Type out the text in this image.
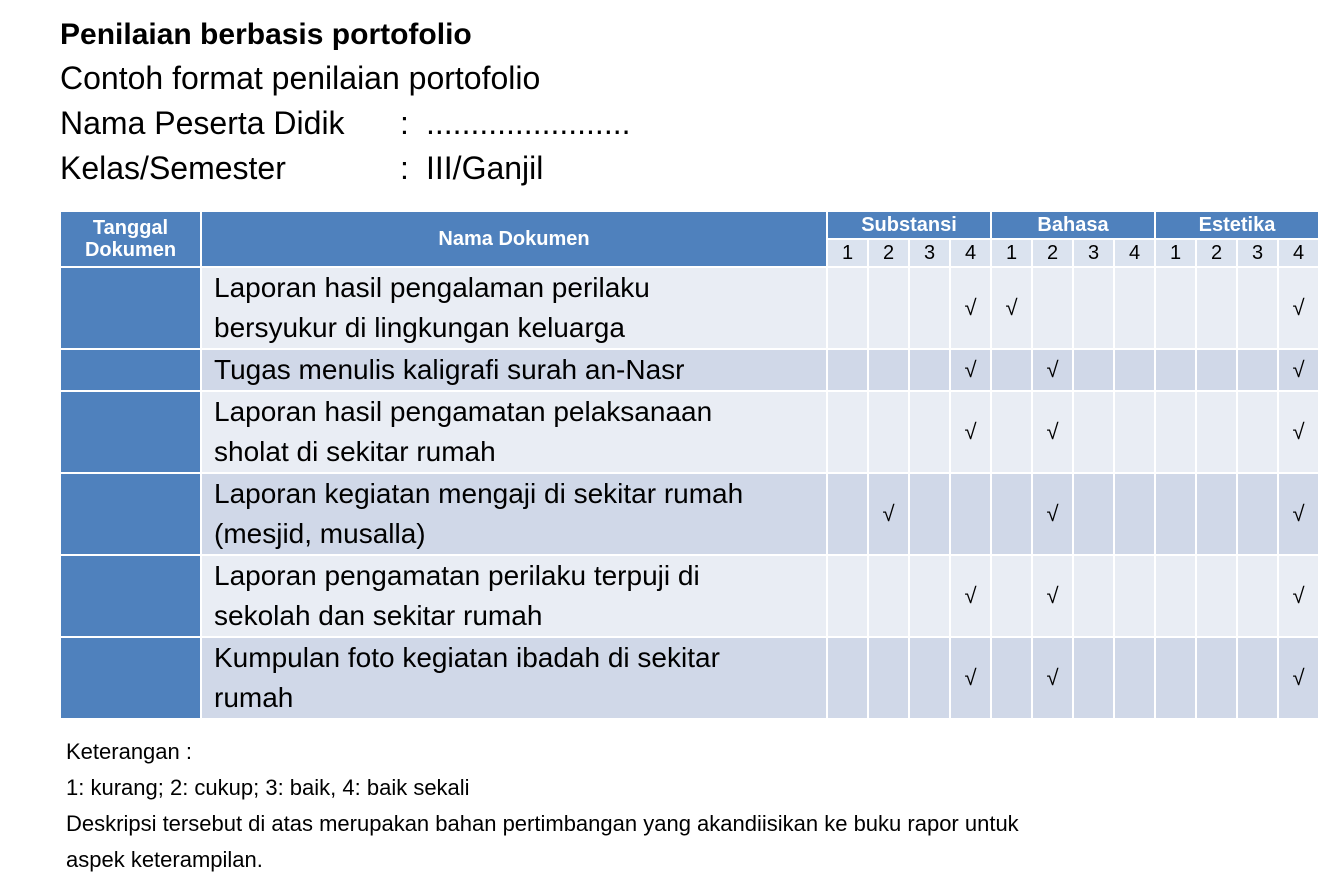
Penilaian berbasis portofolio
Contoh format penilaian portofolio
Nama Peserta Didik : .......................
Kelas/Semester	: III/Ganjil
Tanggal
Dokumen	Nama Dokumen	Substansi				Bahasa				Estetika			
		1	2	3	4	1	2	3	4	1	2	3	4

	Laporan hasil pengalaman perilaku
bersyukur di lingkungan keluarga				√	√							√

	Tugas menulis kaligrafi surah an-Nasr				√		√						√

	Laporan hasil pengamatan pelaksanaan
sholat di sekitar rumah				√		√						√

	Laporan kegiatan mengaji di sekitar rumah
(mesjid, musalla)		√				√						√

	Laporan pengamatan perilaku terpuji di
sekolah dan sekitar rumah				√		√						√

	Kumpulan foto kegiatan ibadah di sekitar
rumah				√		√						√
Keterangan :
1: kurang; 2: cukup; 3: baik, 4: baik sekali
Deskripsi tersebut di atas merupakan bahan pertimbangan yang akandiisikan ke buku rapor untuk
aspek keterampilan.
